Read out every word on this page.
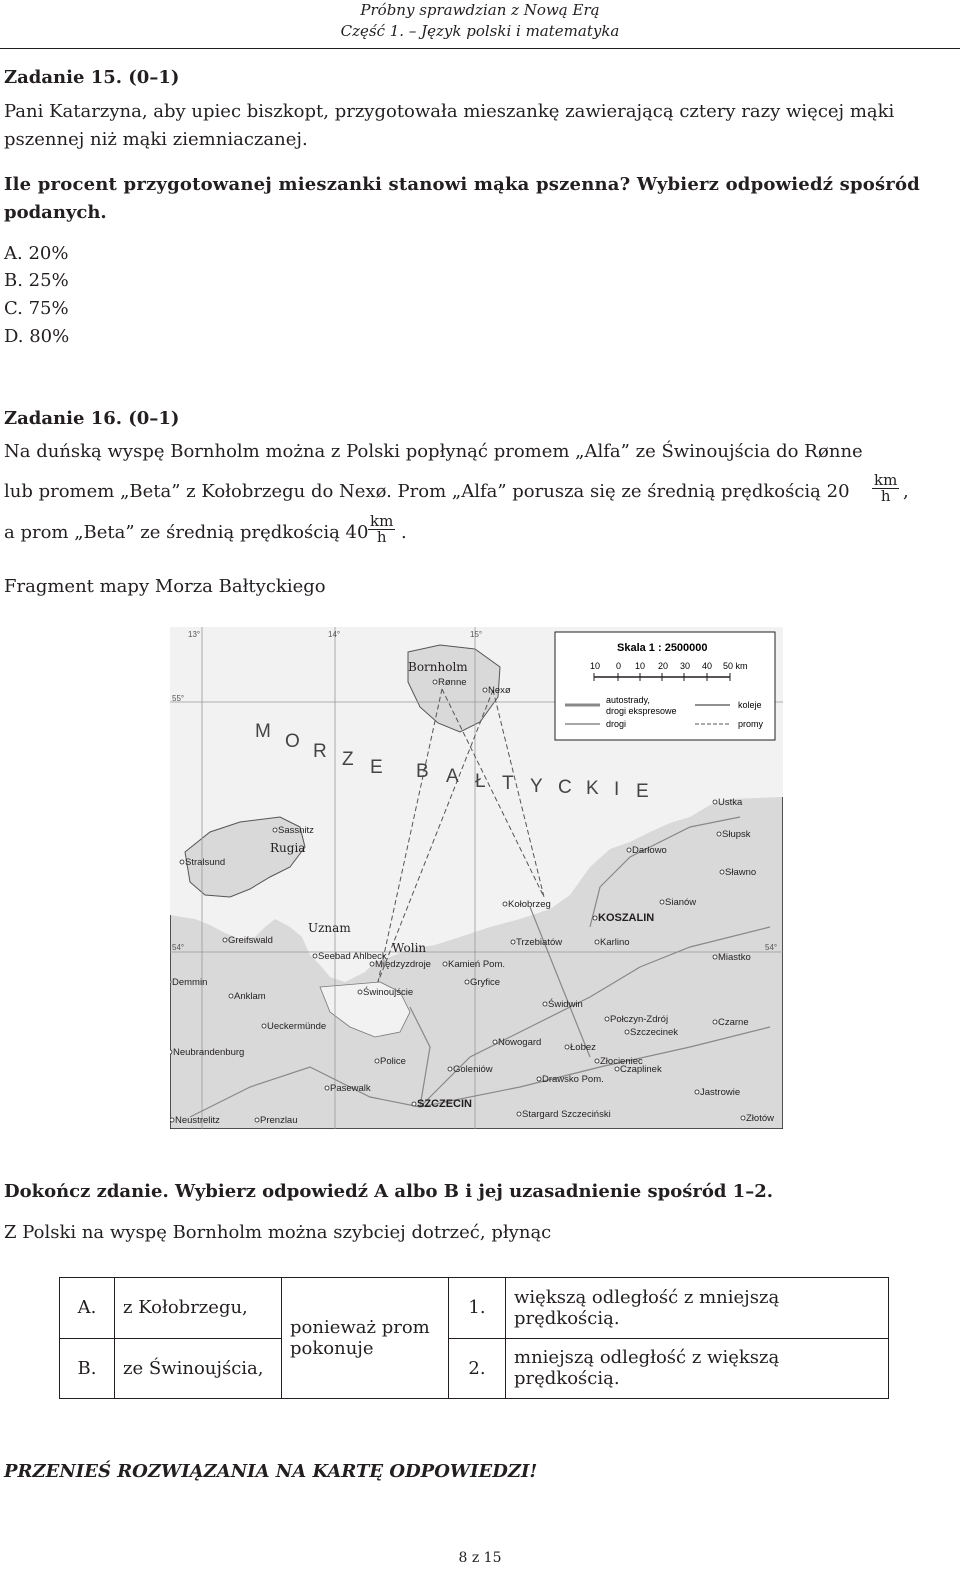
Próbny sprawdzian z Nową Erą
Część 1. – Język polski i matematyka
Zadanie 15. (0–1)
Pani Katarzyna, aby upiec biszkopt, przygotowała mieszankę zawierającą cztery razy więcej mąki
pszennej niż mąki ziemniaczanej.
Ile procent przygotowanej mieszanki stanowi mąka pszenna? Wybierz odpowiedź spośród
podanych.
A. 20%
B. 25%
C. 75%
D. 80%
Zadanie 16. (0–1)
Na duńską wyspę Bornholm można z Polski popłynąć promem „Alfa” ze Świnoujścia do Rønne
lub promem „Beta” z Kołobrzegu do Nexø. Prom „Alfa” porusza się ze średnią prędkością $20 \frac{km}{h}$ ,
a prom „Beta” ze średnią prędkością $40 \frac{km}{h}$ .
Fragment mapy Morza Bałtyckiego
13°	14°	15°
55°
54°	54°
Skala 1 : 2500000
10 0 10 20 30 40 50 km
autostrady,
drogi ekspresowe
drogi
koleje
promy
M O R Z E B A Ł T Y C K I E
Bornholm
Rugia
Uznam
Wolin
Rønne
Nexø
Ustka
Słupsk
Darłowo
Sassnitz
Stralsund
Sławno
Sianów
Kołobrzeg
KOSZALIN
Greifswald	Karlino
Seebad Ahlbeck
Międzyzdroje Kamień Pom.
Trzebiatów
Miastko
Demmin
Anklam	Świnoujście
Gryfice
Świdwin
Połczyn-Zdrój
Szczecinek
Czarne
Ueckermünde
Nowogard	Łobez
Neubrandenburg
Police
Goleniów
Złocieniec
Czaplinek
Pasewalk
Drawsko Pom.
Jastrowie
SZCZECIN
Stargard Szczeciński
Neustrelitz	Prenzlau	Złotów
Dokończ zdanie. Wybierz odpowiedź A albo B i jej uzasadnienie spośród 1–2.
Z Polski na wyspę Bornholm można szybciej dotrzeć, płynąc
A.	z Kołobrzegu,	ponieważ prom pokonuje	1.	większą odległość z mniejszą prędkością.
B.	ze Świnoujścia,		2.	mniejszą odległość z większą prędkością.
PRZENIEŚ ROZWIĄZANIA NA KARTĘ ODPOWIEDZI!
8 z 15
